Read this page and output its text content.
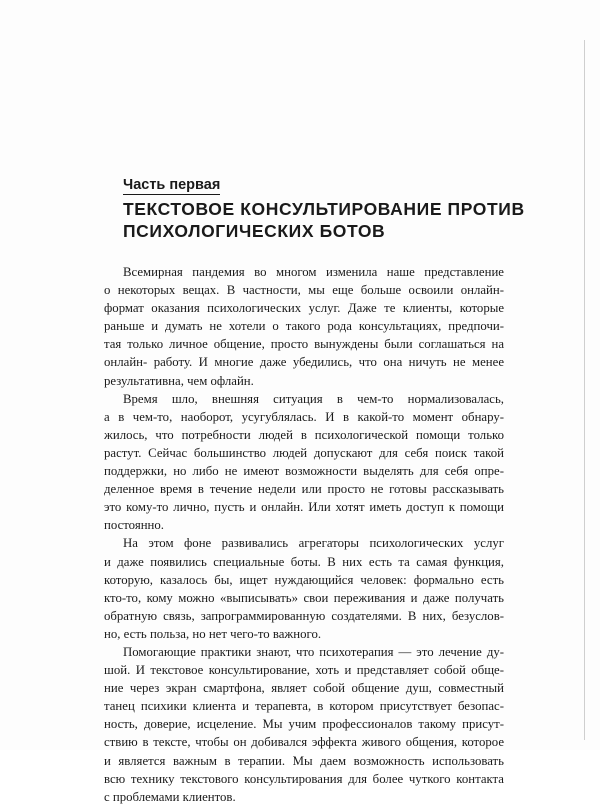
Часть первая
ТЕКСТОВОЕ КОНСУЛЬТИРОВАНИЕ ПРОТИВ
ПСИХОЛОГИЧЕСКИХ БОТОВ
Всемирная пандемия во многом изменила наше представление
о некоторых вещах. В частности, мы еще больше освоили онлайн-
формат оказания психологических услуг. Даже те клиенты, которые
раньше и думать не хотели о такого рода консультациях, предпочи-
тая только личное общение, просто вынуждены были соглашаться на
онлайн- работу. И многие даже убедились, что она ничуть не менее
результативна, чем офлайн.
Время шло, внешняя ситуация в чем-то нормализовалась,
а в чем-то, наоборот, усугублялась. И в какой-то момент обнару-
жилось, что потребности людей в психологической помощи только
растут. Сейчас большинство людей допускают для себя поиск такой
поддержки, но либо не имеют возможности выделять для себя опре-
деленное время в течение недели или просто не готовы рассказывать
это кому-то лично, пусть и онлайн. Или хотят иметь доступ к помощи
постоянно.
На этом фоне развивались агрегаторы психологических услуг
и даже появились специальные боты. В них есть та самая функция,
которую, казалось бы, ищет нуждающийся человек: формально есть
кто-то, кому можно «выписывать» свои переживания и даже получать
обратную связь, запрограммированную создателями. В них, безуслов-
но, есть польза, но нет чего-то важного.
Помогающие практики знают, что психотерапия — это лечение ду-
шой. И текстовое консультирование, хоть и представляет собой обще-
ние через экран смартфона, являет собой общение душ, совместный
танец психики клиента и терапевта, в котором присутствует безопас-
ность, доверие, исцеление. Мы учим профессионалов такому присут-
ствию в тексте, чтобы он добивался эффекта живого общения, которое
и является важным в терапии. Мы даем возможность использовать
всю технику текстового консультирования для более чуткого контакта
с проблемами клиентов.
